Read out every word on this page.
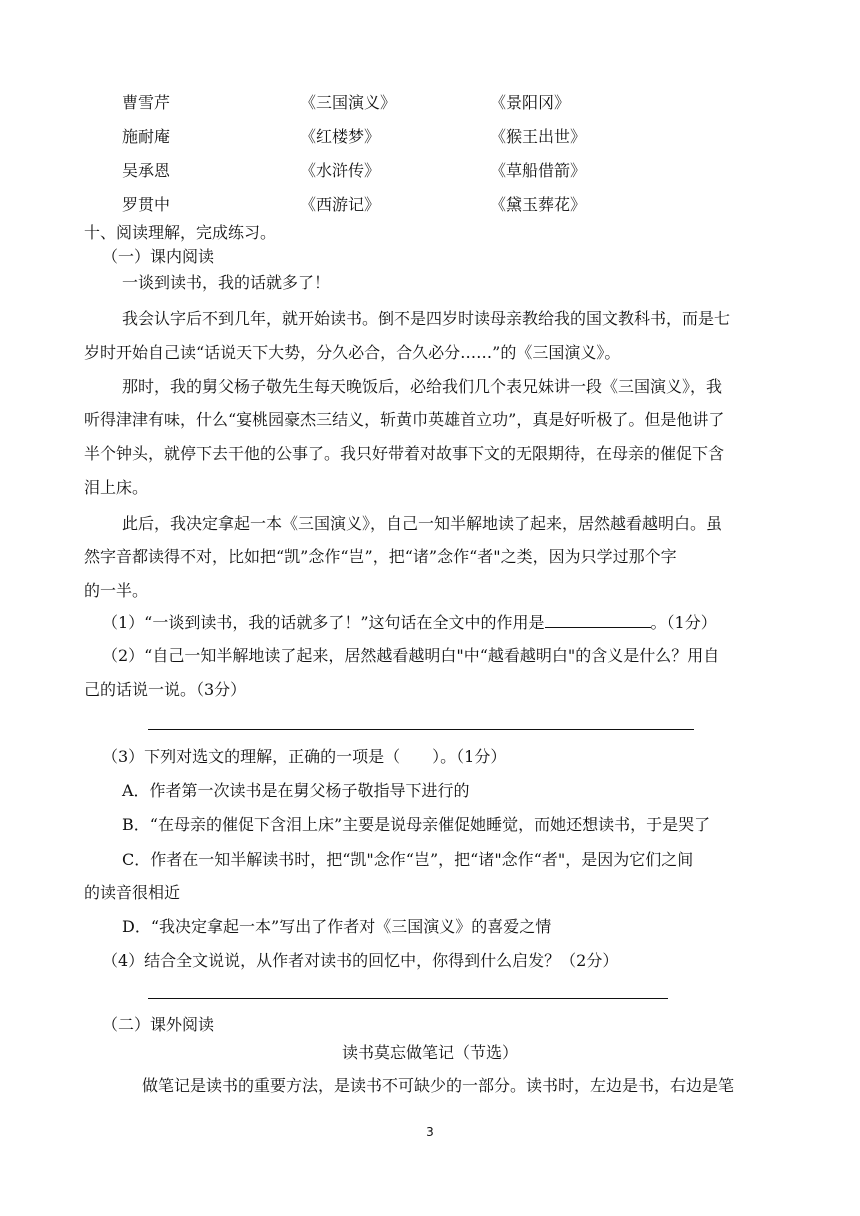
曹雪芹	《三国演义》	《景阳冈》
施耐庵	《红楼梦》	《猴王出世》
吴承恩	《水浒传》	《草船借箭》
罗贯中	《西游记》	《黛玉葬花》
十、阅读理解，完成练习。
（一）课内阅读
一谈到读书，我的话就多了！
我会认字后不到几年，就开始读书。倒不是四岁时读母亲教给我的国文教科书，而是七
岁时开始自己读“话说天下大势，分久必合，合久必分……”的《三国演义》。
那时，我的舅父杨子敬先生每天晚饭后，必给我们几个表兄妹讲一段《三国演义》，我
听得津津有味，什么“宴桃园豪杰三结义，斩黄巾英雄首立功”，真是好听极了。但是他讲了
半个钟头，就停下去干他的公事了。我只好带着对故事下文的无限期待，在母亲的催促下含
泪上床。
此后，我决定拿起一本《三国演义》，自己一知半解地读了起来，居然越看越明白。虽
然字音都读得不对，比如把“凯”念作“岂”，把“诸”念作“者"之类，因为只学过那个字
的一半。
（1）“一谈到读书，我的话就多了！”这句话在全文中的作用是	。（1分）
（2）“自己一知半解地读了起来，居然越看越明白"中“越看越明白"的含义是什么？用自
己的话说一说。（3分）
（3）下列对选文的理解，正确的一项是（　　）。（1分）
A．作者第一次读书是在舅父杨子敬指导下进行的
B．“在母亲的催促下含泪上床”主要是说母亲催促她睡觉，而她还想读书，于是哭了
C．作者在一知半解读书时，把“凯"念作“岂”，把“诸"念作“者"，是因为它们之间
的读音很相近
D．“我决定拿起一本”写出了作者对《三国演义》的喜爱之情
（4）结合全文说说，从作者对读书的回忆中，你得到什么启发？（2分）
（二）课外阅读
读书莫忘做笔记（节选）
做笔记是读书的重要方法，是读书不可缺少的一部分。读书时，左边是书，右边是笔
3
